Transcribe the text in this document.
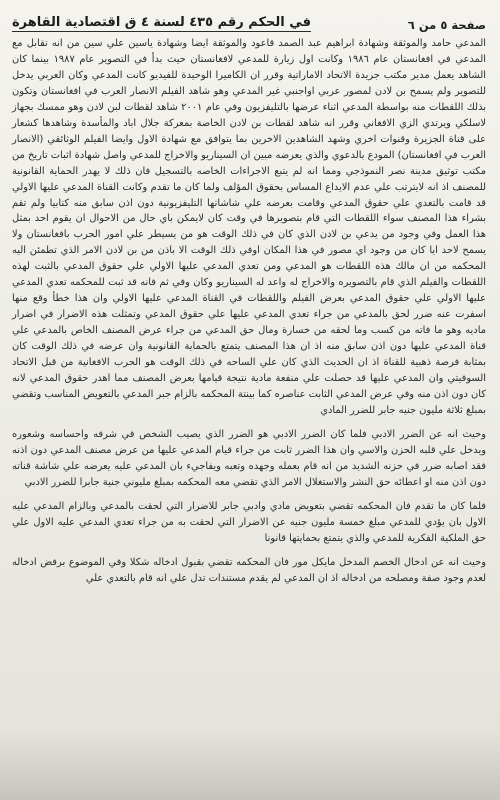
في الحكم رقم ٤٣٥ لسنة ٤ ق اقتصادية القاهرة	صفحة ٥ من ٦

المدعي حامد والموثقة وشهادة ابراهيم عبد الصمد قاعود والموثقة ايضا وشهادة ياسين علي سين من انه تقابل مع المدعي في افغانستان عام ١٩٨٦ وكانت اول زيارة للمدعي لافغانستان حيث بدأ في التصوير عام ١٩٨٧ بينما كان الشاهد يعمل مدير مكتب جريدة الاتحاد الاماراتية وقرر ان الكاميرا الوحيدة للفيديو كانت المدعي وكان العربي يدخل للتصوير ولم يسمح بن لادن لمصور عربي اواجنبي غير المدعي وهو شاهد الفيلم الانصار العرب في افغانستان وتكون بذلك اللقطات منه بواسطة المدعي اثناء عرضها بالتليفزيون وفي عام ٢٠٠١ شاهد لقطات لبن لادن وهو ممسك بجهاز لاسلكي ويرتدي الزي الافغاني وقرر انه شاهد لقطات بن لادن الخاصة بمعركة جلال اباد والمأسدة وشاهدها كشعار على قناة الجزيرة وقنوات اخري وشهد الشاهدين الاخرين بما يتوافق مع شهادة الاول وايضا الفيلم الوثائقي (الانصار العرب في افغانستان) المودع بالدعوي والذي يعرضه مبين ان السيناريو والاخراج للمدعي واصل شهادة اثبات تاريخ من مكتب توثيق مدينة نصر النموذجي ومما انه لم يتبع الاجراءات الخاصه بالتسجيل فان ذلك لا يهدر الحماية القانونية للمصنف اذ انه لايترتب علي عدم الايداع المساس بحقوق المؤلف ولما كان ما تقدم وكانت القناة المدعي عليها الاولي قد قامت بالتعدي علي حقوق المدعي وقامت بعرضه علي شاشاتها التليفزيونية دون اذن سابق منه كتابيا ولم تقم بشراء هذا المصنف سواء اللقطات التي قام بتصويرها في وقت كان لايمكن باي حال من الاحوال ان يقوم احد بمثل هذا العمل وفي وجود من يدعي بن لادن الذي كان في ذلك الوقت هو من يسيطر علي امور الحرب بافغانستان ولا يسمح لاحد ايا كان من وجود اي مصور في هذا المكان اوفي ذلك الوقت الا باذن من بن لادن الامر الذي تطمئن اليه المحكمه من ان مالك هذه اللقطات هو المدعي ومن تعدي المدعي عليها الاولي علي حقوق المدعي بالثبت لهذه اللقطات والفيلم الذي قام بالتصويره والاخراج له واعد له السيناريو وكان وفي ثم فانه قد ثبت للمحكمه تعدي المدعي عليها الاولي علي حقوق المدعي بعرض الفيلم واللقطات في القناة المدعي عليها الاولي وان هذا خطأ وقع منها اسفرت عنه ضرر لحق بالمدعي من جراء تعدي المدعي عليها علي حقوق المدعي وتمثلت هذه الاضرار في اضرار ماديه وهو ما فاته من كسب وما لحقه من خسارة ومال حق المدعي من جراء عرض المصنف الخاص بالمدعي علي قناة المدعي عليها دون اذن سابق منه اذ ان هذا المصنف يتمتع بالحماية القانونية وان عرضه في ذلك الوقت كان بمثابة فرصة ذهبية للقناة اذ ان الحديث الذي كان علي الساحه في ذلك الوقت هو الحرب الافغانية من قبل الاتحاد السوفيتي وان المدعي عليها قد حصلت علي منفعة مادية نتيجة قيامها بعرض المصنف مما اهدر حقوق المدعي لانه كان دون اذن منه وفي عرض المدعي الثابت عناصره كما بينتة المحكمه بالزام جبر المدعي بالتعويض المناسب وتقضي بمبلغ ثلاثة مليون جنيه جابر للضرر المادي

وحيث انه عن الضرر الادبي فلما كان الضرر الادبي هو الضرر الذي يصيب الشخص في شرفه واحساسه وشعوره ويدخل علي قلبه الحزن والاسي وان هذا الضرر ثابت من جراء قيام المدعي عليها من عرض مصنف المدعي دون اذنه فقد اصابه ضرر في حزنه الشديد من انه قام بعمله وجهده وتعبه ويفاجيء بان المدعي عليه يعرضه علي شاشة قناته دون اذن منه او اعطائه حق النشر والاستغلال الامر الذي تقضي معه المحكمه بمبلغ مليوني جنية جابرا للضرر الادبي

فلما كان ما تقدم فان المحكمه تقضي بتعويض مادي وادبي جابر للاضرار التي لحقت بالمدعي وبالزام المدعي عليه الاول بان يؤدي للمدعي مبلغ خمسة مليون جنيه عن الاضرار التي لحقت به من جراء تعدي المدعي عليه الاول علي حق الملكية الفكرية للمدعي والذي يتمتع بحمايتها قانونا

وحيث انه عن ادخال الخصم المدخل مايكل مور فان المحكمه تقضي بقبول ادخاله شكلا وفي الموضوع برفض ادخاله لعدم وجود صفة ومصلحه من ادخاله اذ ان المدعي لم يقدم مستندات تدل علي انه قام بالتعدي علي
